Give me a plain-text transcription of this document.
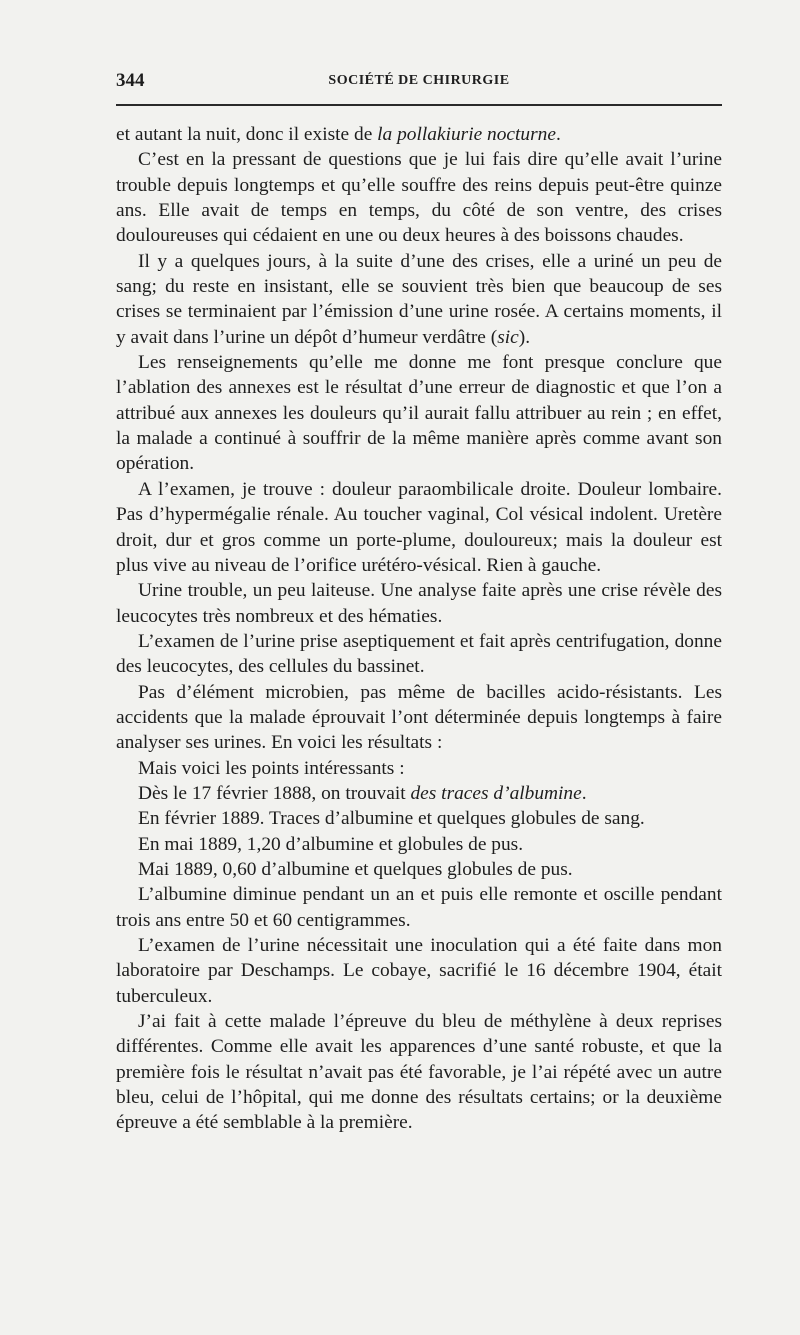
344	SOCIÉTÉ DE CHIRURGIE

et autant la nuit, donc il existe de la pollakiurie nocturne.

C’est en la pressant de questions que je lui fais dire qu’elle avait l’urine trouble depuis longtemps et qu’elle souffre des reins depuis peut-être quinze ans. Elle avait de temps en temps, du côté de son ventre, des crises douloureuses qui cédaient en une ou deux heures à des boissons chaudes.

Il y a quelques jours, à la suite d’une des crises, elle a uriné un peu de sang; du reste en insistant, elle se souvient très bien que beaucoup de ses crises se terminaient par l’émission d’une urine rosée. A certains moments, il y avait dans l’urine un dépôt d’humeur verdâtre (sic).

Les renseignements qu’elle me donne me font presque conclure que l’ablation des annexes est le résultat d’une erreur de diagnostic et que l’on a attribué aux annexes les douleurs qu’il aurait fallu attribuer au rein ; en effet, la malade a continué à souffrir de la même manière après comme avant son opération.

A l’examen, je trouve : douleur paraombilicale droite. Douleur lombaire. Pas d’hypermégalie rénale. Au toucher vaginal, Col vésical indolent. Uretère droit, dur et gros comme un porte-plume, douloureux; mais la douleur est plus vive au niveau de l’orifice urétéro-vésical. Rien à gauche.

Urine trouble, un peu laiteuse. Une analyse faite après une crise révèle des leucocytes très nombreux et des hématies.

L’examen de l’urine prise aseptiquement et fait après centrifugation, donne des leucocytes, des cellules du bassinet.

Pas d’élément microbien, pas même de bacilles acido-résistants. Les accidents que la malade éprouvait l’ont déterminée depuis longtemps à faire analyser ses urines. En voici les résultats :

Mais voici les points intéressants :

Dès le 17 février 1888, on trouvait des traces d’albumine.

En février 1889. Traces d’albumine et quelques globules de sang.

En mai 1889, 1,20 d’albumine et globules de pus.

Mai 1889, 0,60 d’albumine et quelques globules de pus.

L’albumine diminue pendant un an et puis elle remonte et oscille pendant trois ans entre 50 et 60 centigrammes.

L’examen de l’urine nécessitait une inoculation qui a été faite dans mon laboratoire par Deschamps. Le cobaye, sacrifié le 16 décembre 1904, était tuberculeux.

J’ai fait à cette malade l’épreuve du bleu de méthylène à deux reprises différentes. Comme elle avait les apparences d’une santé robuste, et que la première fois le résultat n’avait pas été favorable, je l’ai répété avec un autre bleu, celui de l’hôpital, qui me donne des résultats certains; or la deuxième épreuve a été semblable à la première.
